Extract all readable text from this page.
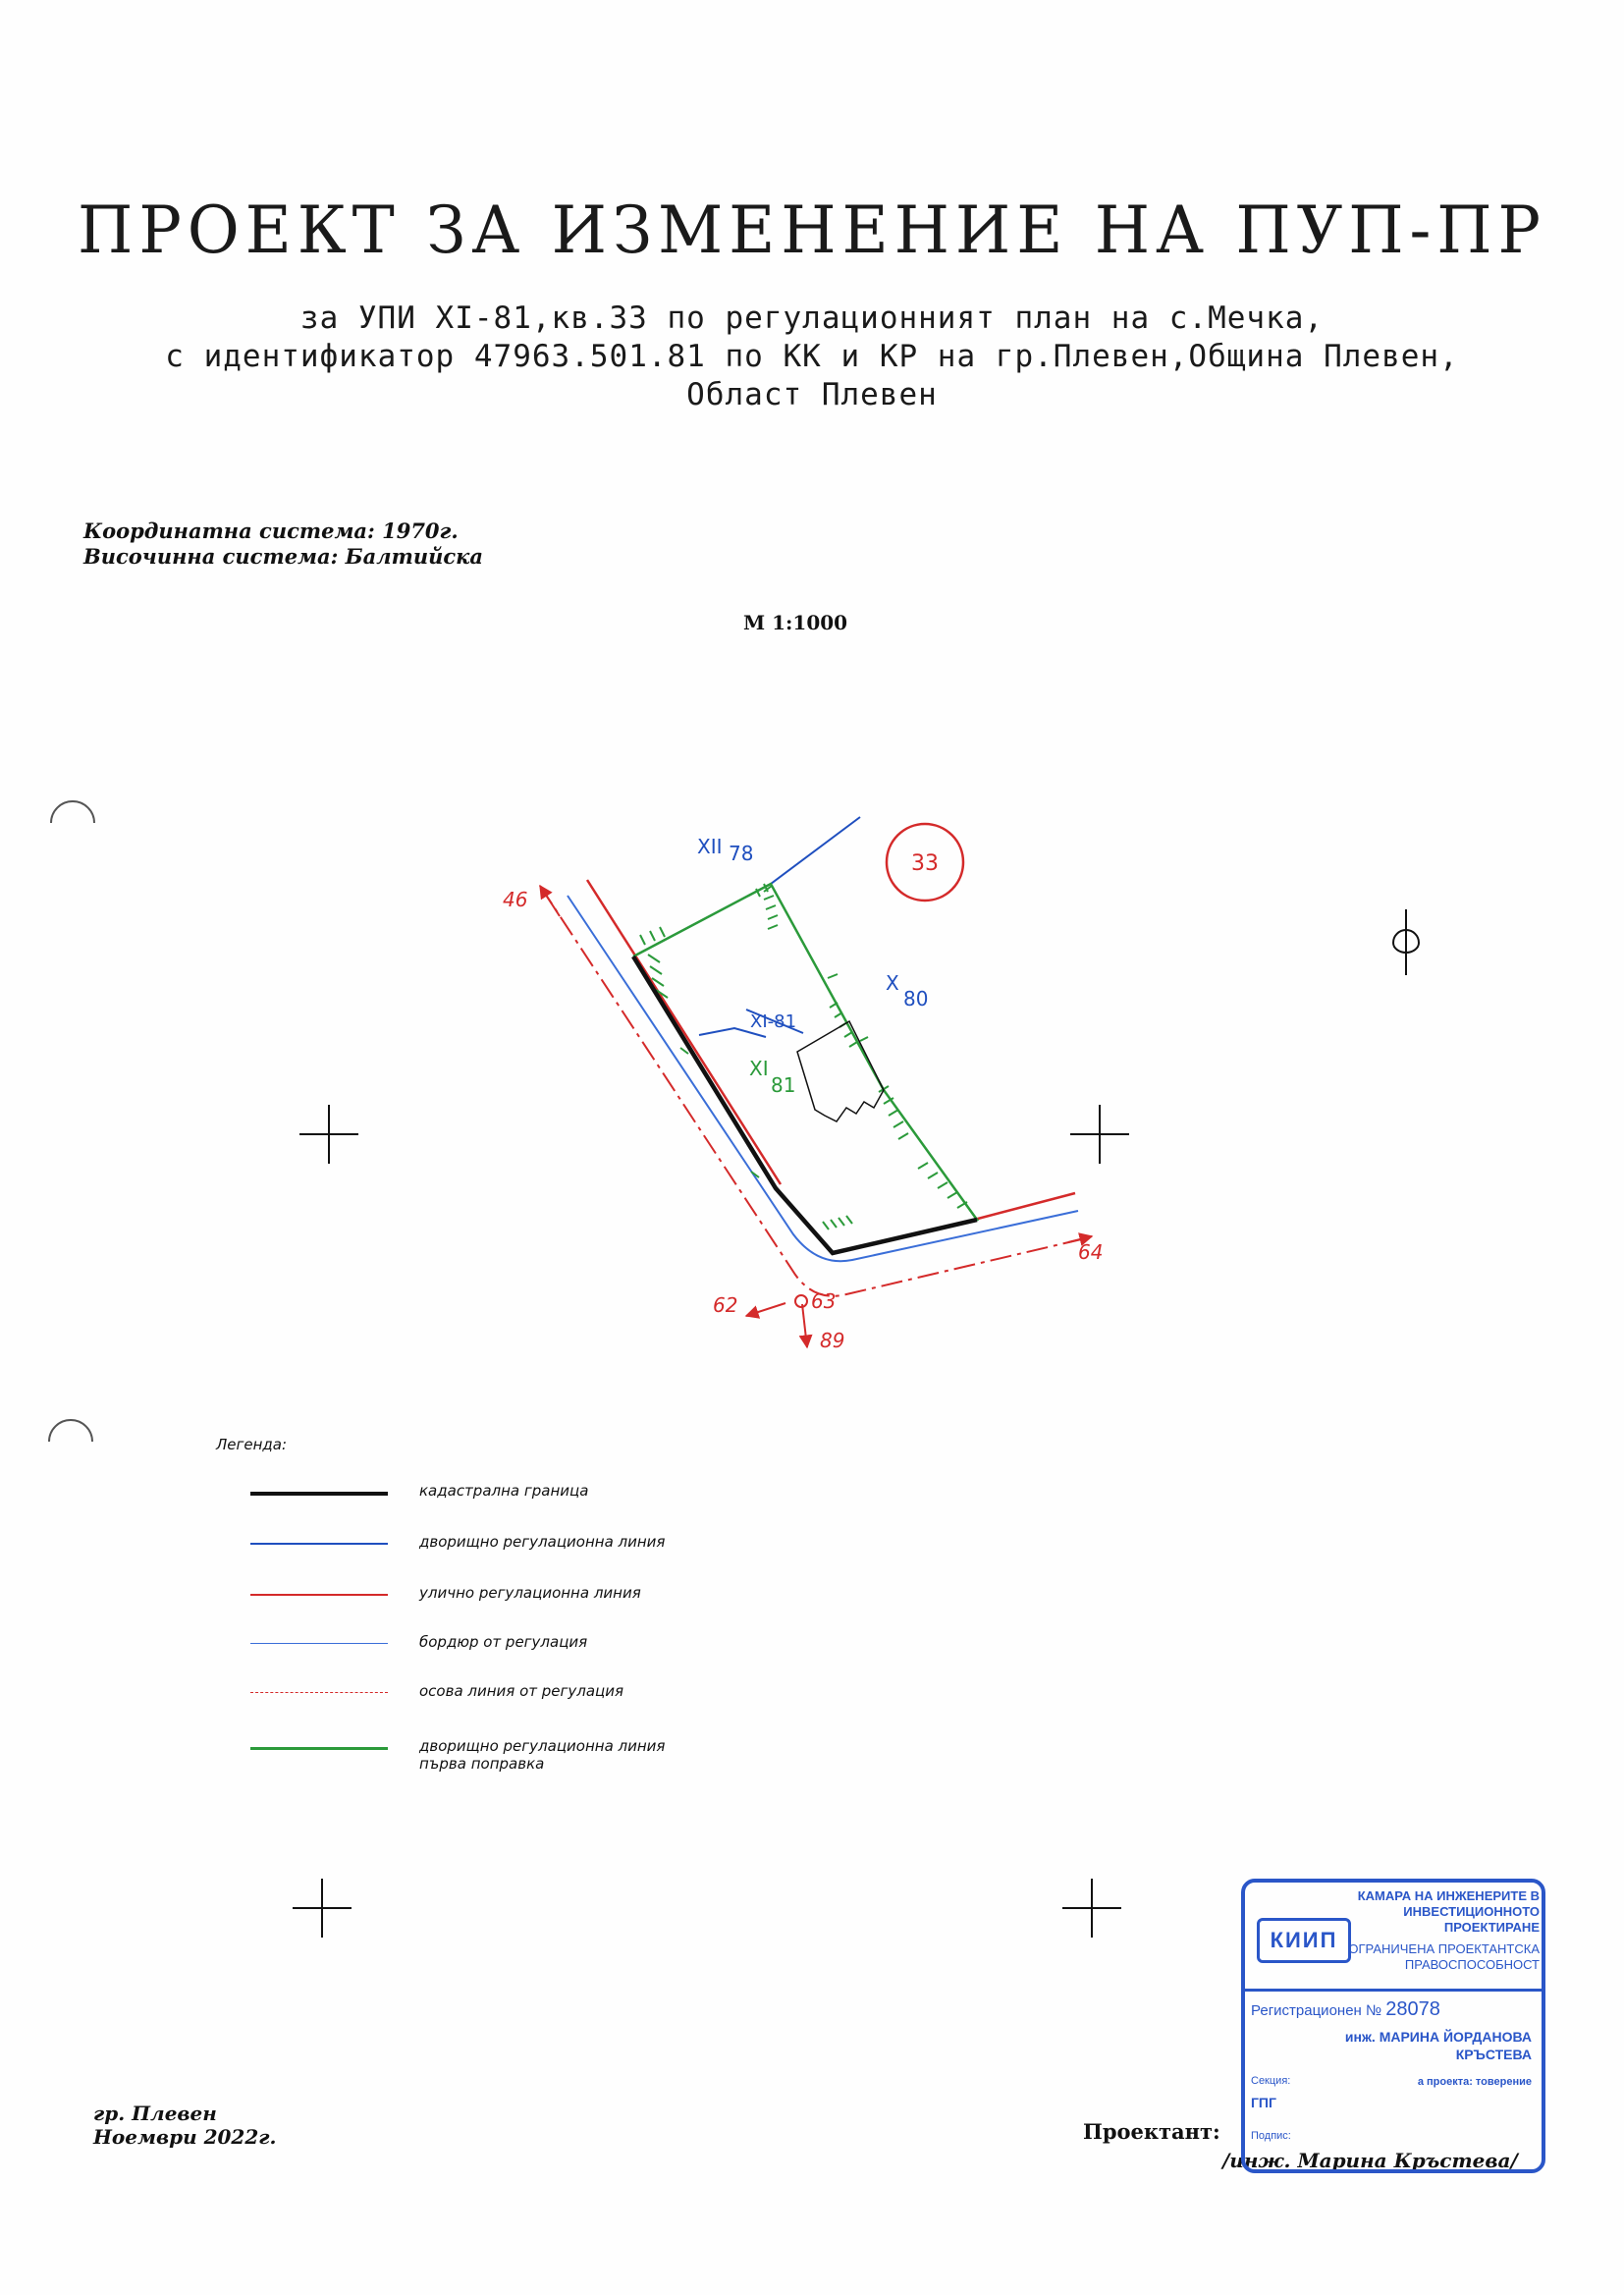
ПРОЕКТ ЗА ИЗМЕНЕНИЕ НА ПУП-ПР
за УПИ XI-81,кв.33 по регулационният план на с.Мечка,
с идентификатор 47963.501.81 по КК и КР на гр.Плевен,Община Плевен,
Област Плевен
Координатна система: 1970г.
Височинна система: Балтийска
М 1:1000
33
XII 78
X
80
XI-81
XI
81
46
64
62	63
89
Легенда:
кадастрална граница
дворищно регулационна линия
улично регулационна линия
бордюр от регулация
осова линия от регулация
дворищно регулационна линия
първа поправка
гр. Плевен
Ноември 2022г.	Проектант:
/инж. Марина Кръстева/
КИИП
КАМАРА НА ИНЖЕНЕРИТЕ В ИНВЕСТИЦИОННОТО ПРОЕКТИРАНЕ
ОГРАНИЧЕНА ПРОЕКТАНТСКА ПРАВОСПОСОБНОСТ
Регистрационен № 28078
инж. МАРИНА ЙОРДАНОВА КРЪСТЕВА
Секция:
ГПГ
а проекта: товерение
Подпис:
